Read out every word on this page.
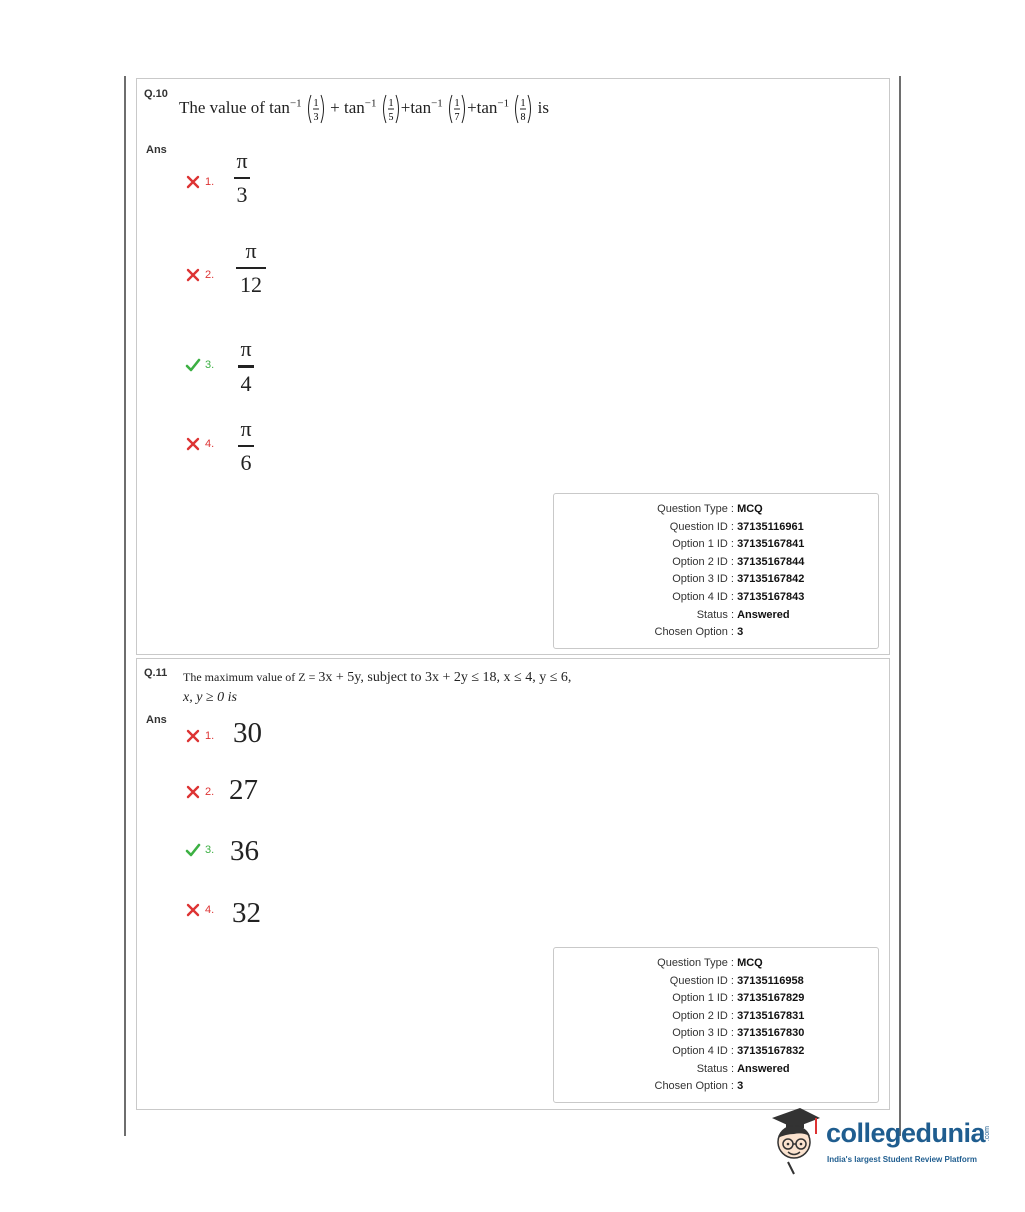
Q.10
Ans
The value of $\tan^{-1} 1$
3
+ $\tan^{-1} 1$
5
$+\tan^{-1}$ 1
7
$+\tan^{-1}$ 1
8
is
1.
π
3
2.
π
12
3.
π
4
4.
π
6
Question Type : MCQ
Question ID : 37135116961
Option 1 ID : 37135167841
Option 2 ID : 37135167844
Option 3 ID : 37135167842
Option 4 ID : 37135167843
Status : Answered
Chosen Option : 3
Q.11
Ans
The maximum value of Z = 3x + 5y, subject to 3x + 2y ≤ 18, x ≤ 4, y ≤ 6,
x, y ≥ 0 is
1. 30
2. 27
3. 36
4. 32
Question Type : MCQ
Question ID : 37135116958
Option 1 ID : 37135167829
Option 2 ID : 37135167831
Option 3 ID : 37135167830
Option 4 ID : 37135167832
Status : Answered
Chosen Option : 3
collegedunia
.com
India's largest Student Review Platform
